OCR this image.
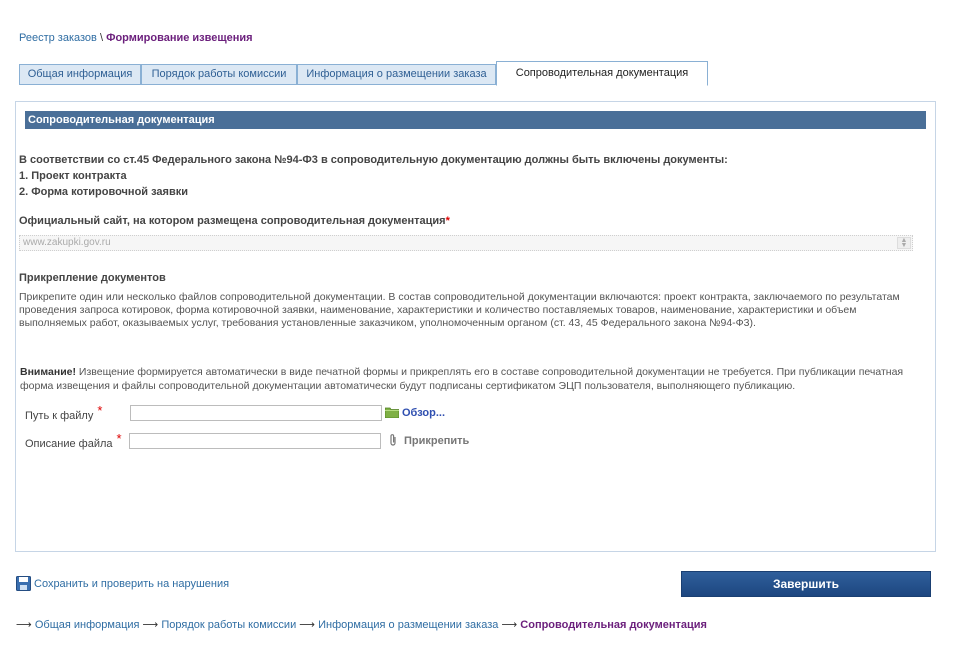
Реестр заказов \ Формирование извещения
Общая информация	Порядок работы комиссии	Информация о размещении заказа	Сопроводительная документация
Сопроводительная документация
В соответствии со ст.45 Федерального закона №94-Ф3 в сопроводительную документацию должны быть включены документы:
1. Проект контракта
2. Форма котировочной заявки
Официальный сайт, на котором размещена сопроводительная документация*
www.zakupki.gov.ru	▲
▼
Прикрепление документов
Прикрепите один или несколько файлов сопроводительной документации. В состав сопроводительной документации включаются: проект контракта, заключаемого по результатам проведения запроса котировок, форма котировочной заявки, наименование, характеристики и количество поставляемых товаров, наименование, характеристики и объем выполняемых работ, оказываемых услуг, требования установленные заказчиком, уполномоченным органом (ст. 43, 45 Федерального закона №94-Ф3).
Внимание! Извещение формируется автоматически в виде печатной формы и прикреплять его в составе сопроводительной документации не требуется. При публикации печатная форма извещения и файлы сопроводительной документации автоматически будут подписаны сертификатом ЭЦП пользователя, выполняющего публикацию.
Путь к файлу *	Обзор...
Описание файла *	Прикрепить
Сохранить и проверить на нарушения	Завершить
⟶ Общая информация ⟶ Порядок работы комиссии ⟶ Информация о размещении заказа ⟶ Сопроводительная документация
